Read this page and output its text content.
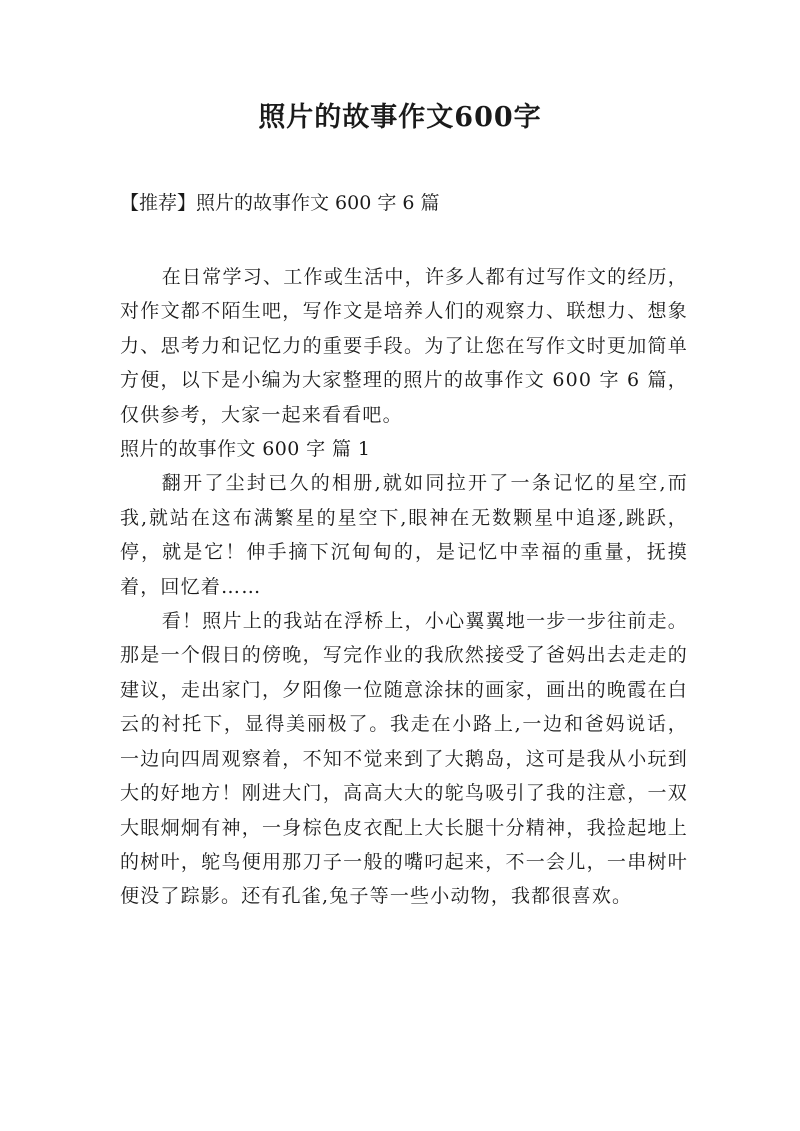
照片的故事作文600字

【推荐】照片的故事作文 600 字 6 篇

在日常学习、工作或生活中，许多人都有过写作文的经历，对作文都不陌生吧，写作文是培养人们的观察力、联想力、想象力、思考力和记忆力的重要手段。为了让您在写作文时更加简单方便，以下是小编为大家整理的照片的故事作文 600 字 6 篇，仅供参考，大家一起来看看吧。

照片的故事作文 600 字 篇 1

翻开了尘封已久的相册,就如同拉开了一条记忆的星空,而我,就站在这布满繁星的星空下,眼神在无数颗星中追逐,跳跃，停，就是它！伸手摘下沉甸甸的，是记忆中幸福的重量，抚摸着，回忆着……

看！照片上的我站在浮桥上，小心翼翼地一步一步往前走。那是一个假日的傍晚，写完作业的我欣然接受了爸妈出去走走的建议，走出家门，夕阳像一位随意涂抹的画家，画出的晚霞在白云的衬托下，显得美丽极了。我走在小路上,一边和爸妈说话，一边向四周观察着，不知不觉来到了大鹅岛，这可是我从小玩到大的好地方！刚进大门，高高大大的鸵鸟吸引了我的注意，一双大眼炯炯有神，一身棕色皮衣配上大长腿十分精神，我捡起地上的树叶，鸵鸟便用那刀子一般的嘴叼起来，不一会儿，一串树叶便没了踪影。还有孔雀,兔子等一些小动物，我都很喜欢。
